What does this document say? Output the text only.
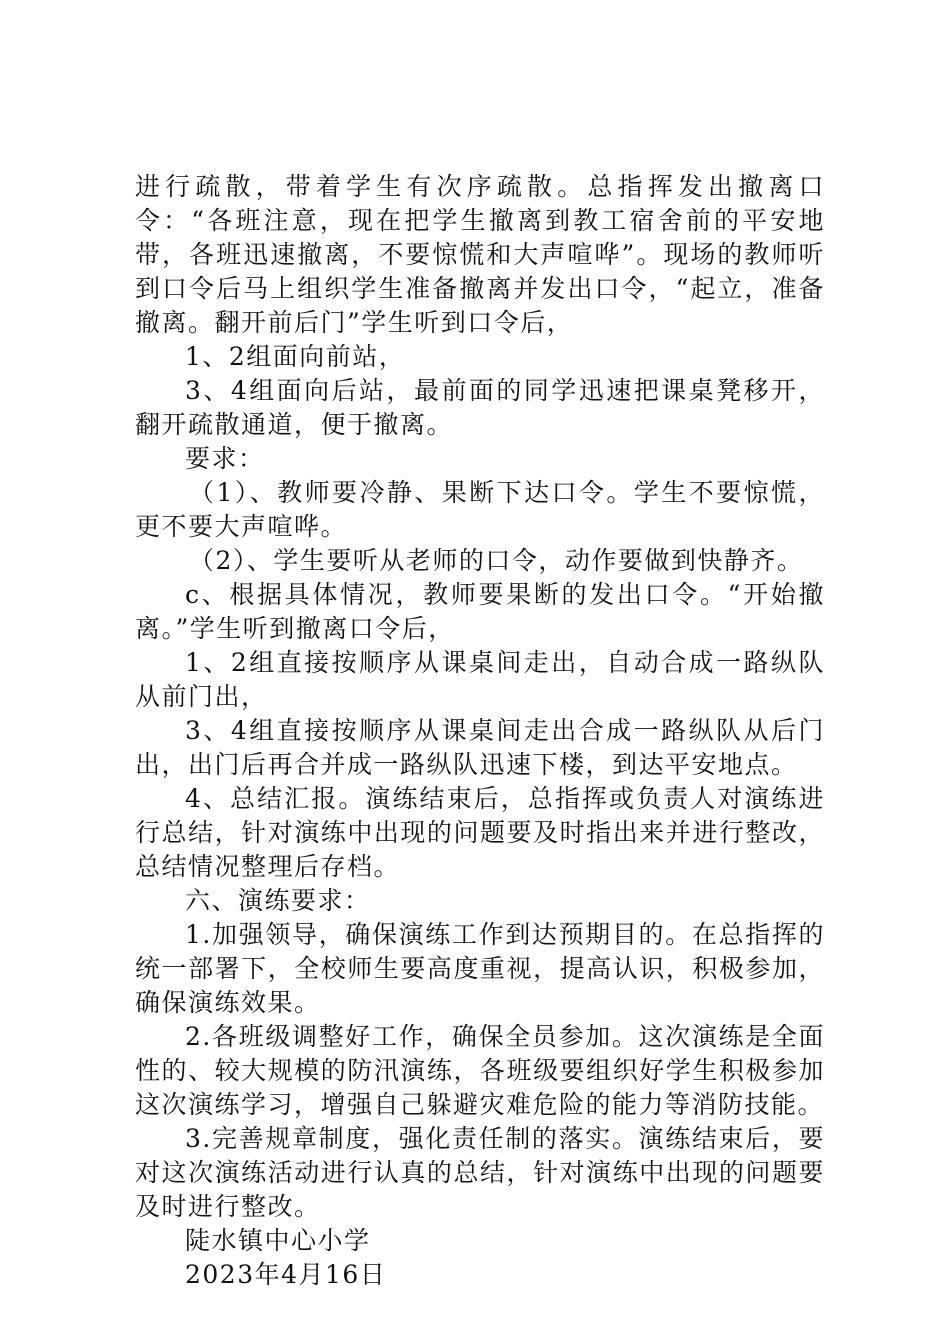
进行疏散，带着学生有次序疏散。总指挥发出撤离口令：“各班注意，现在把学生撤离到教工宿舍前的平安地带，各班迅速撤离，不要惊慌和大声喧哗”。现场的教师听到口令后马上组织学生准备撤离并发出口令，“起立，准备撤离。翻开前后门”学生听到口令后，

1、2组面向前站，

3、4组面向后站，最前面的同学迅速把课桌凳移开，翻开疏散通道，便于撤离。

要求：

（1）、教师要冷静、果断下达口令。学生不要惊慌，更不要大声喧哗。

（2）、学生要听从老师的口令，动作要做到快静齐。

c、根据具体情况，教师要果断的发出口令。“开始撤离。”学生听到撤离口令后，

1、2组直接按顺序从课桌间走出，自动合成一路纵队从前门出，

3、4组直接按顺序从课桌间走出合成一路纵队从后门出，出门后再合并成一路纵队迅速下楼，到达平安地点。

4、总结汇报。演练结束后，总指挥或负责人对演练进行总结，针对演练中出现的问题要及时指出来并进行整改，总结情况整理后存档。

六、演练要求：

1.加强领导，确保演练工作到达预期目的。在总指挥的统一部署下，全校师生要高度重视，提高认识，积极参加，确保演练效果。

2.各班级调整好工作，确保全员参加。这次演练是全面性的、较大规模的防汛演练，各班级要组织好学生积极参加这次演练学习，增强自己躲避灾难危险的能力等消防技能。

3.完善规章制度，强化责任制的落实。演练结束后，要对这次演练活动进行认真的总结，针对演练中出现的问题要及时进行整改。

陡水镇中心小学

2023年4月16日
